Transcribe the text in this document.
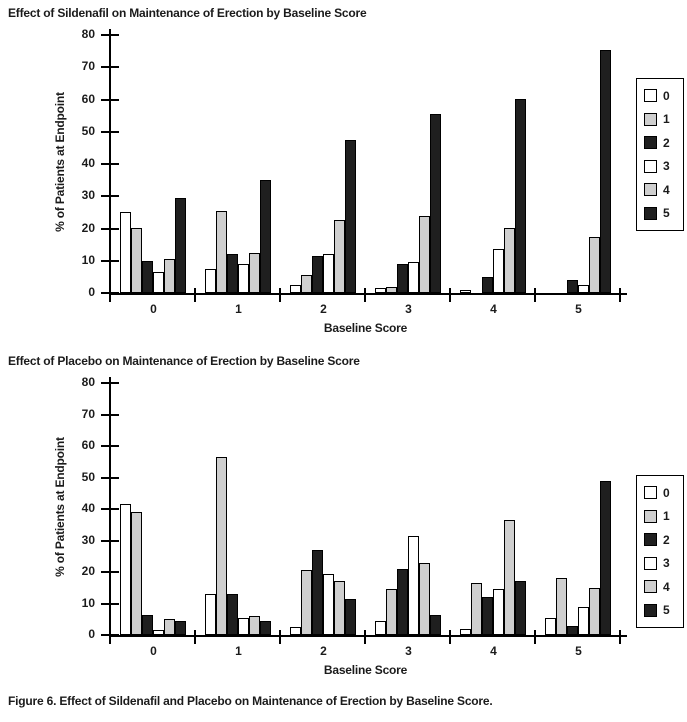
Effect of Sildenafil on Maintenance of Erection by Baseline Score
% of Patients at Endpoint
0
10
20
30
40
50
60
70
80
0	1	2	3	4	5
Baseline Score
0
1
2
3
4
5
Effect of Placebo on Maintenance of Erection by Baseline Score
% of Patients at Endpoint
0
10
20
30
40
50
60
70
80
0	1	2	3	4	5
Baseline Score
0
1
2
3
4
5
Figure 6. Effect of Sildenafil and Placebo on Maintenance of Erection by Baseline Score.
